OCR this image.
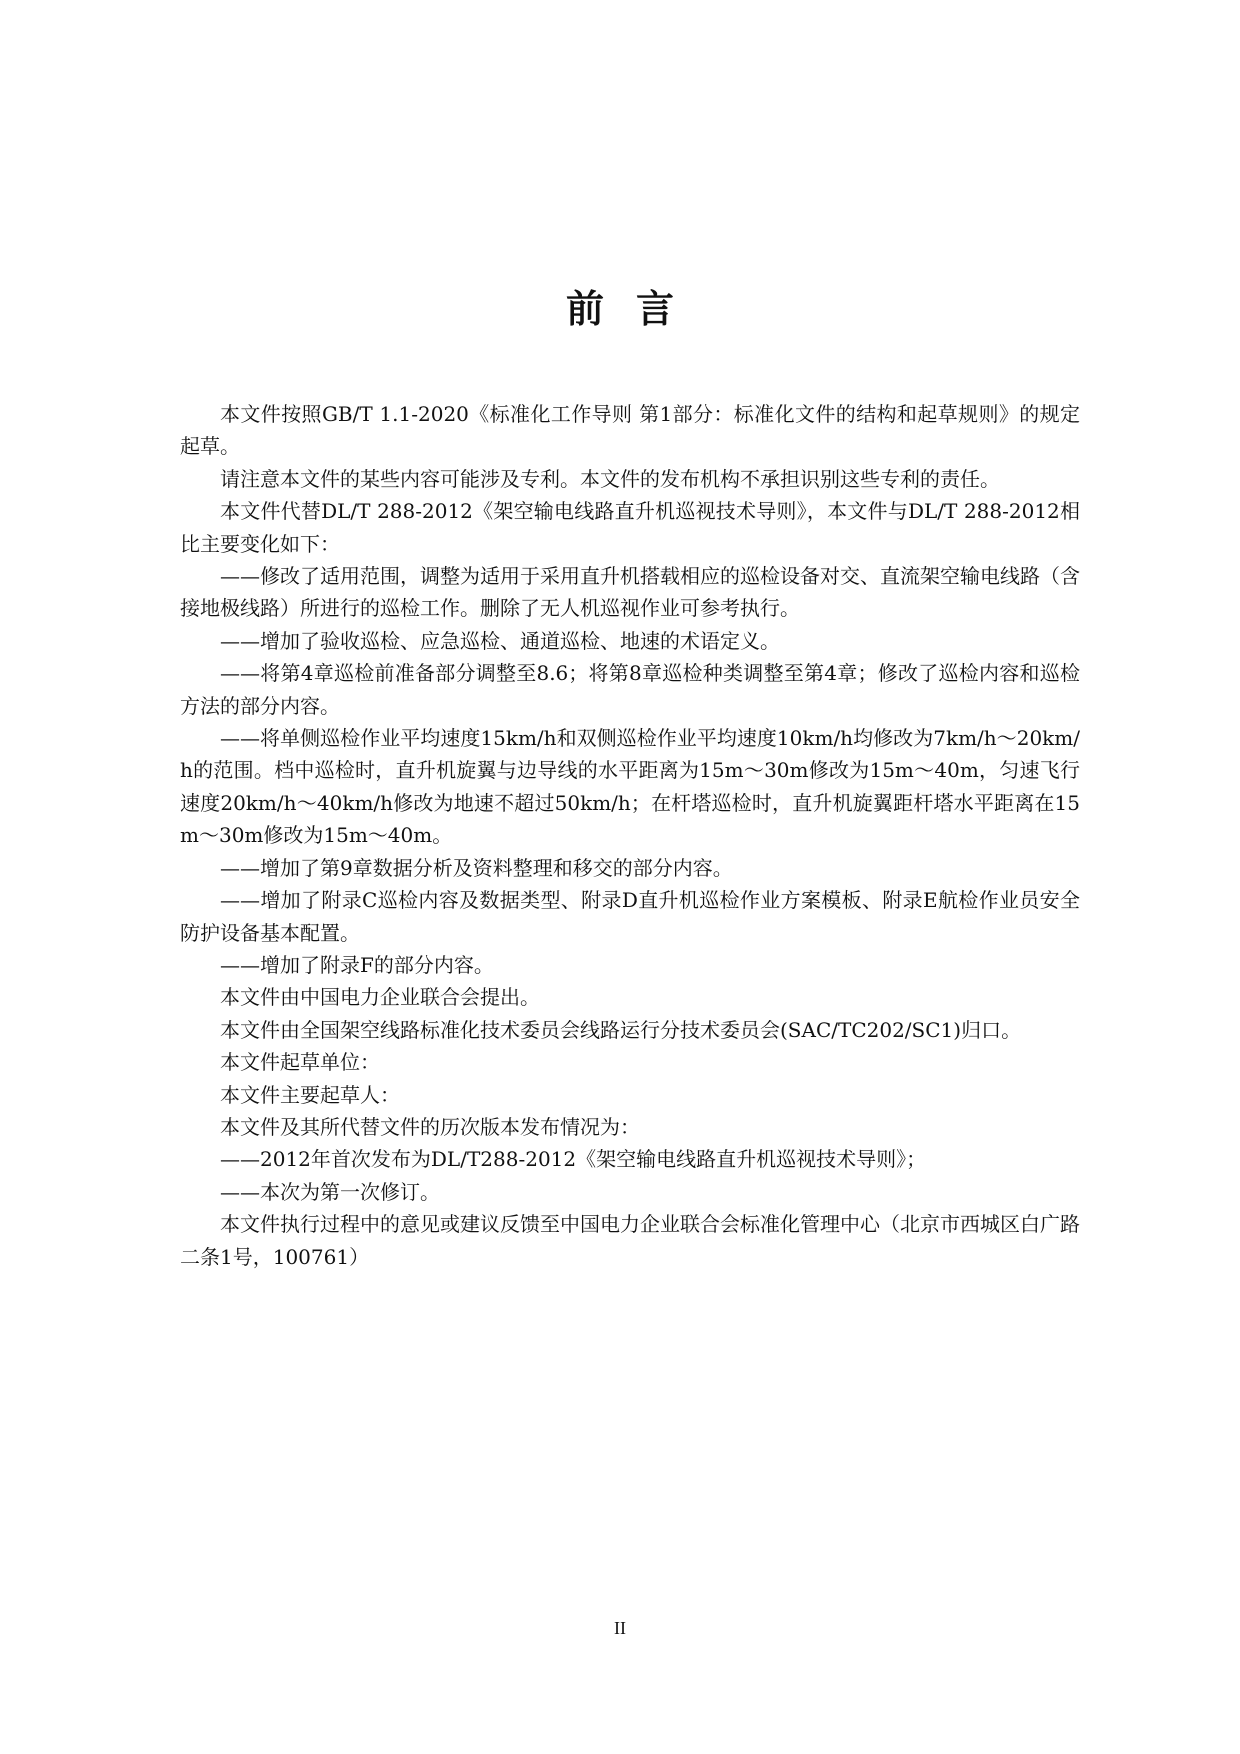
前言

本文件按照GB/T 1.1-2020《标准化工作导则 第1部分：标准化文件的结构和起草规则》的规定起草。

请注意本文件的某些内容可能涉及专利。本文件的发布机构不承担识别这些专利的责任。

本文件代替DL/T 288-2012《架空输电线路直升机巡视技术导则》，本文件与DL/T 288-2012相比主要变化如下：

——修改了适用范围，调整为适用于采用直升机搭载相应的巡检设备对交、直流架空输电线路（含接地极线路）所进行的巡检工作。删除了无人机巡视作业可参考执行。

——增加了验收巡检、应急巡检、通道巡检、地速的术语定义。

——将第4章巡检前准备部分调整至8.6；将第8章巡检种类调整至第4章；修改了巡检内容和巡检方法的部分内容。

——将单侧巡检作业平均速度15km/h和双侧巡检作业平均速度10km/h均修改为7km/h～20km/h的范围。档中巡检时，直升机旋翼与边导线的水平距离为15m～30m修改为15m～40m，匀速飞行速度20km/h～40km/h修改为地速不超过50km/h；在杆塔巡检时，直升机旋翼距杆塔水平距离在15m～30m修改为15m～40m。

——增加了第9章数据分析及资料整理和移交的部分内容。

——增加了附录C巡检内容及数据类型、附录D直升机巡检作业方案模板、附录E航检作业员安全防护设备基本配置。

——增加了附录F的部分内容。

本文件由中国电力企业联合会提出。

本文件由全国架空线路标准化技术委员会线路运行分技术委员会(SAC/TC202/SC1)归口。

本文件起草单位：

本文件主要起草人：

本文件及其所代替文件的历次版本发布情况为：

——2012年首次发布为DL/T288-2012《架空输电线路直升机巡视技术导则》；

——本次为第一次修订。

本文件执行过程中的意见或建议反馈至中国电力企业联合会标准化管理中心（北京市西城区白广路二条1号，100761）

II
